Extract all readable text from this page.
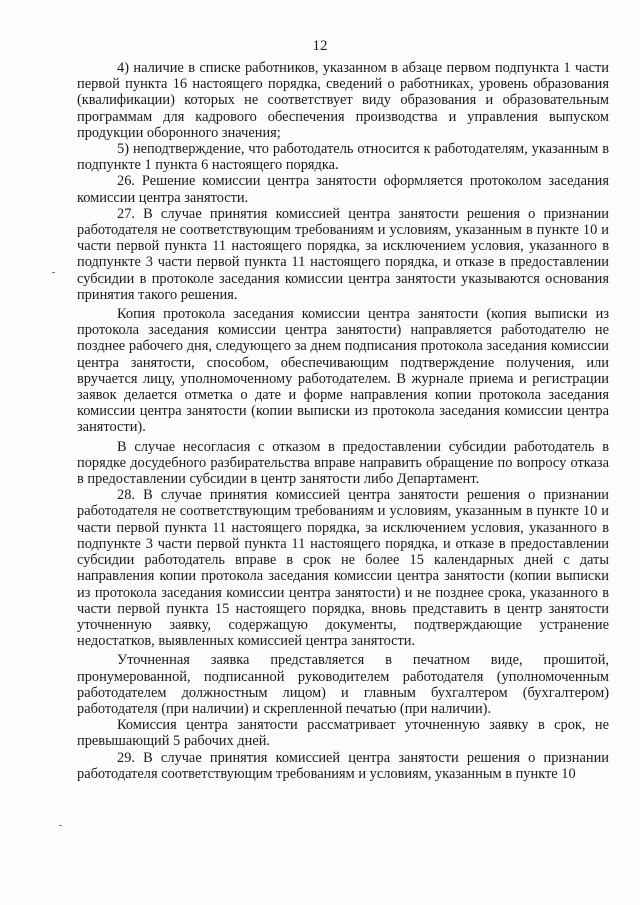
12

4) наличие в списке работников, указанном в абзаце первом подпункта 1 части первой пункта 16 настоящего порядка, сведений о работниках, уровень образования (квалификации) которых не соответствует виду образования и образовательным программам для кадрового обеспечения производства и управления выпуском продукции оборонного значения;

5) неподтверждение, что работодатель относится к работодателям, указанным в подпункте 1 пункта 6 настоящего порядка.

26. Решение комиссии центра занятости оформляется протоколом заседания комиссии центра занятости.

27. В случае принятия комиссией центра занятости решения о признании работодателя не соответствующим требованиям и условиям, указанным в пункте 10 и части первой пункта 11 настоящего порядка, за исключением условия, указанного в подпункте 3 части первой пункта 11 настоящего порядка, и отказе в предоставлении субсидии в протоколе заседания комиссии центра занятости указываются основания принятия такого решения.

Копия протокола заседания комиссии центра занятости (копия выписки из протокола заседания комиссии центра занятости) направляется работодателю не позднее рабочего дня, следующего за днем подписания протокола заседания комиссии центра занятости, способом, обеспечивающим подтверждение получения, или вручается лицу, уполномоченному работодателем. В журнале приема и регистрации заявок делается отметка о дате и форме направления копии протокола заседания комиссии центра занятости (копии выписки из протокола заседания комиссии центра занятости).

В случае несогласия с отказом в предоставлении субсидии работодатель в порядке досудебного разбирательства вправе направить обращение по вопросу отказа в предоставлении субсидии в центр занятости либо Департамент.

28. В случае принятия комиссией центра занятости решения о признании работодателя не соответствующим требованиям и условиям, указанным в пункте 10 и части первой пункта 11 настоящего порядка, за исключением условия, указанного в подпункте 3 части первой пункта 11 настоящего порядка, и отказе в предоставлении субсидии работодатель вправе в срок не более 15 календарных дней с даты направления копии протокола заседания комиссии центра занятости (копии выписки из протокола заседания комиссии центра занятости) и не позднее срока, указанного в части первой пункта 15 настоящего порядка, вновь представить в центр занятости уточненную заявку, содержащую документы, подтверждающие устранение недостатков, выявленных комиссией центра занятости.

Уточненная заявка представляется в печатном виде, прошитой, пронумерованной, подписанной руководителем работодателя (уполномоченным работодателем должностным лицом) и главным бухгалтером (бухгалтером) работодателя (при наличии) и скрепленной печатью (при наличии).

Комиссия центра занятости рассматривает уточненную заявку в срок, не превышающий 5 рабочих дней.

29. В случае принятия комиссией центра занятости решения о признании работодателя соответствующим требованиям и условиям, указанным в пункте 10
